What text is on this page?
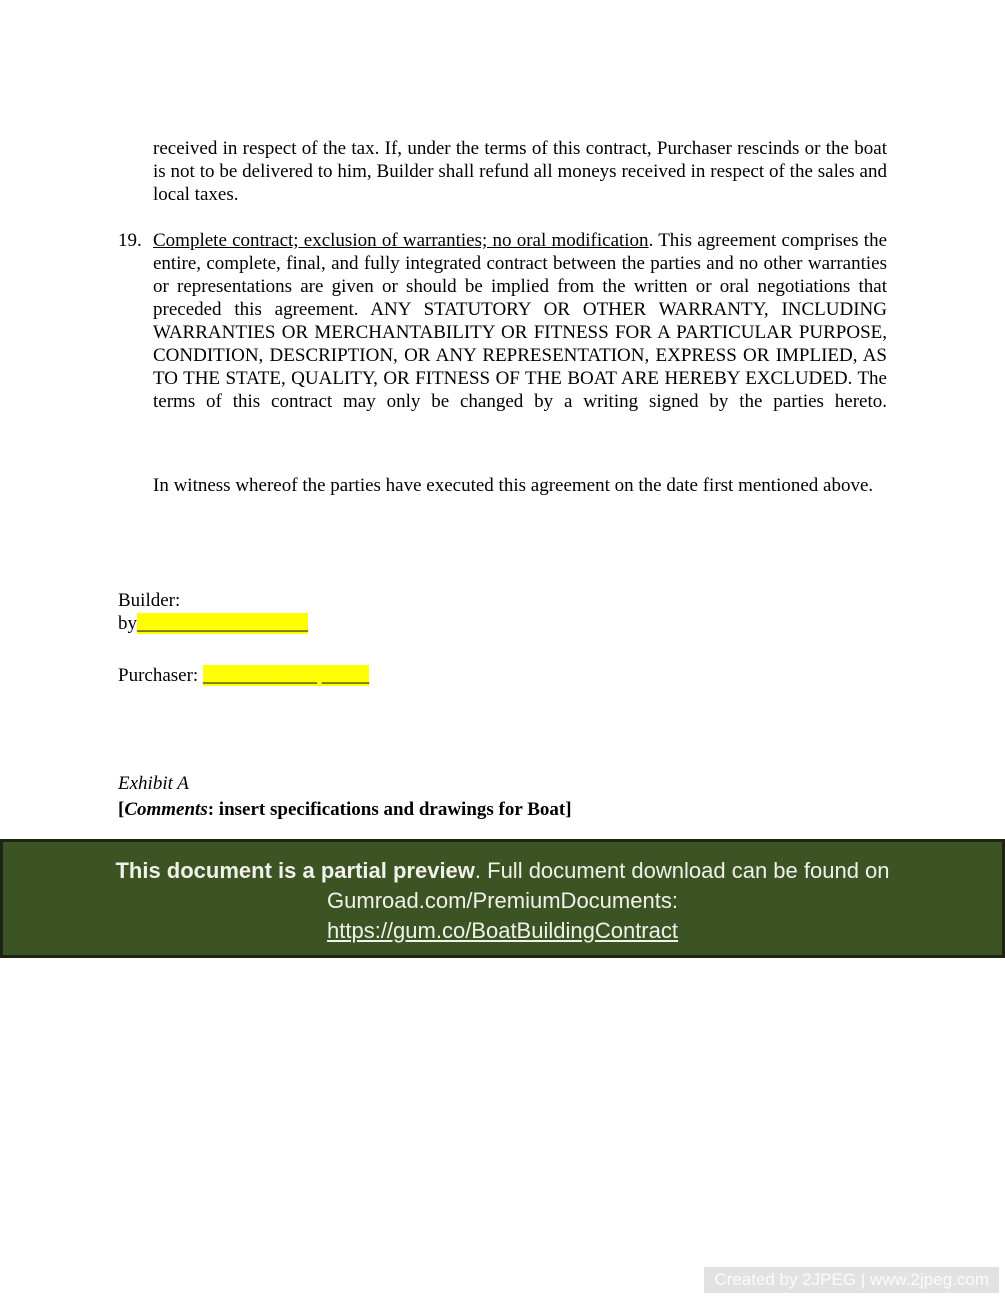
received in respect of the tax. If, under the terms of this contract, Purchaser rescinds or the boat is not to be delivered to him, Builder shall refund all moneys received in respect of the sales and local taxes.

19. Complete contract; exclusion of warranties; no oral modification. This agreement comprises the entire, complete, final, and fully integrated contract between the parties and no other warranties or representations are given or should be implied from the written or oral negotiations that preceded this agreement. ANY STATUTORY OR OTHER WARRANTY, INCLUDING WARRANTIES OR MERCHANTABILITY OR FITNESS FOR A PARTICULAR PURPOSE, CONDITION, DESCRIPTION, OR ANY REPRESENTATION, EXPRESS OR IMPLIED, AS TO THE STATE, QUALITY, OR FITNESS OF THE BOAT ARE HEREBY EXCLUDED. The terms of this contract may only be changed by a writing signed by the parties hereto.

In witness whereof the parties have executed this agreement on the date first mentioned above.

Builder:
by__________________
Purchaser: ____________ _____
Exhibit A
[Comments: insert specifications and drawings for Boat]
This document is a partial preview. Full document download can be found on
Gumroad.com/PremiumDocuments:
https://gum.co/BoatBuildingContract
Created by 2JPEG | www.2jpeg.com
